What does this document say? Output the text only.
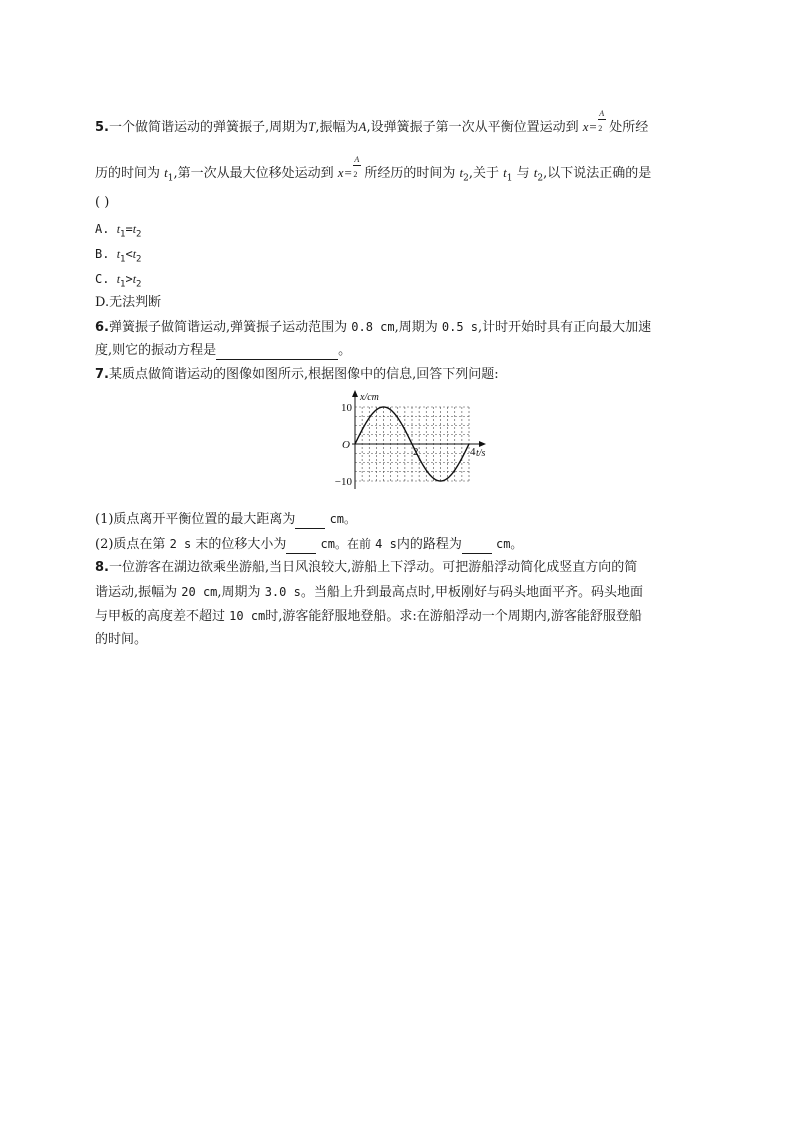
5.一个做简谐运动的弹簧振子,周期为T,振幅为A,设弹簧振子第一次从平衡位置运动到 $x= \frac{A}{2}$ 处所经
历的时间为 $t_1$,第一次从最大位移处运动到 $x= \frac{A}{2}$ 所经历的时间为 $t_2$,关于 $t_1$ 与 $t_2$,以下说法正确的是
( )
A. $t_1=t_2$
B. $t_1<t_2$
C. $t_1>t_2$
D.无法判断
6.弹簧振子做简谐运动,弹簧振子运动范围为 0.8 cm,周期为 0.5 s,计时开始时具有正向最大加速
度,则它的振动方程是	。
7.某质点做简谐运动的图像如图所示,根据图像中的信息,回答下列问题:
x/cm
t/s
O
10
−10
2	4
(1)质点离开平衡位置的最大距离为	cm。
(2)质点在第 2 s 末的位移大小为	cm。在前 4 s内的路程为	cm。
8.一位游客在湖边欲乘坐游船,当日风浪较大,游船上下浮动。可把游船浮动简化成竖直方向的简
谐运动,振幅为 20 cm,周期为 3.0 s。当船上升到最高点时,甲板刚好与码头地面平齐。码头地面
与甲板的高度差不超过 10 cm时,游客能舒服地登船。求:在游船浮动一个周期内,游客能舒服登船
的时间。
